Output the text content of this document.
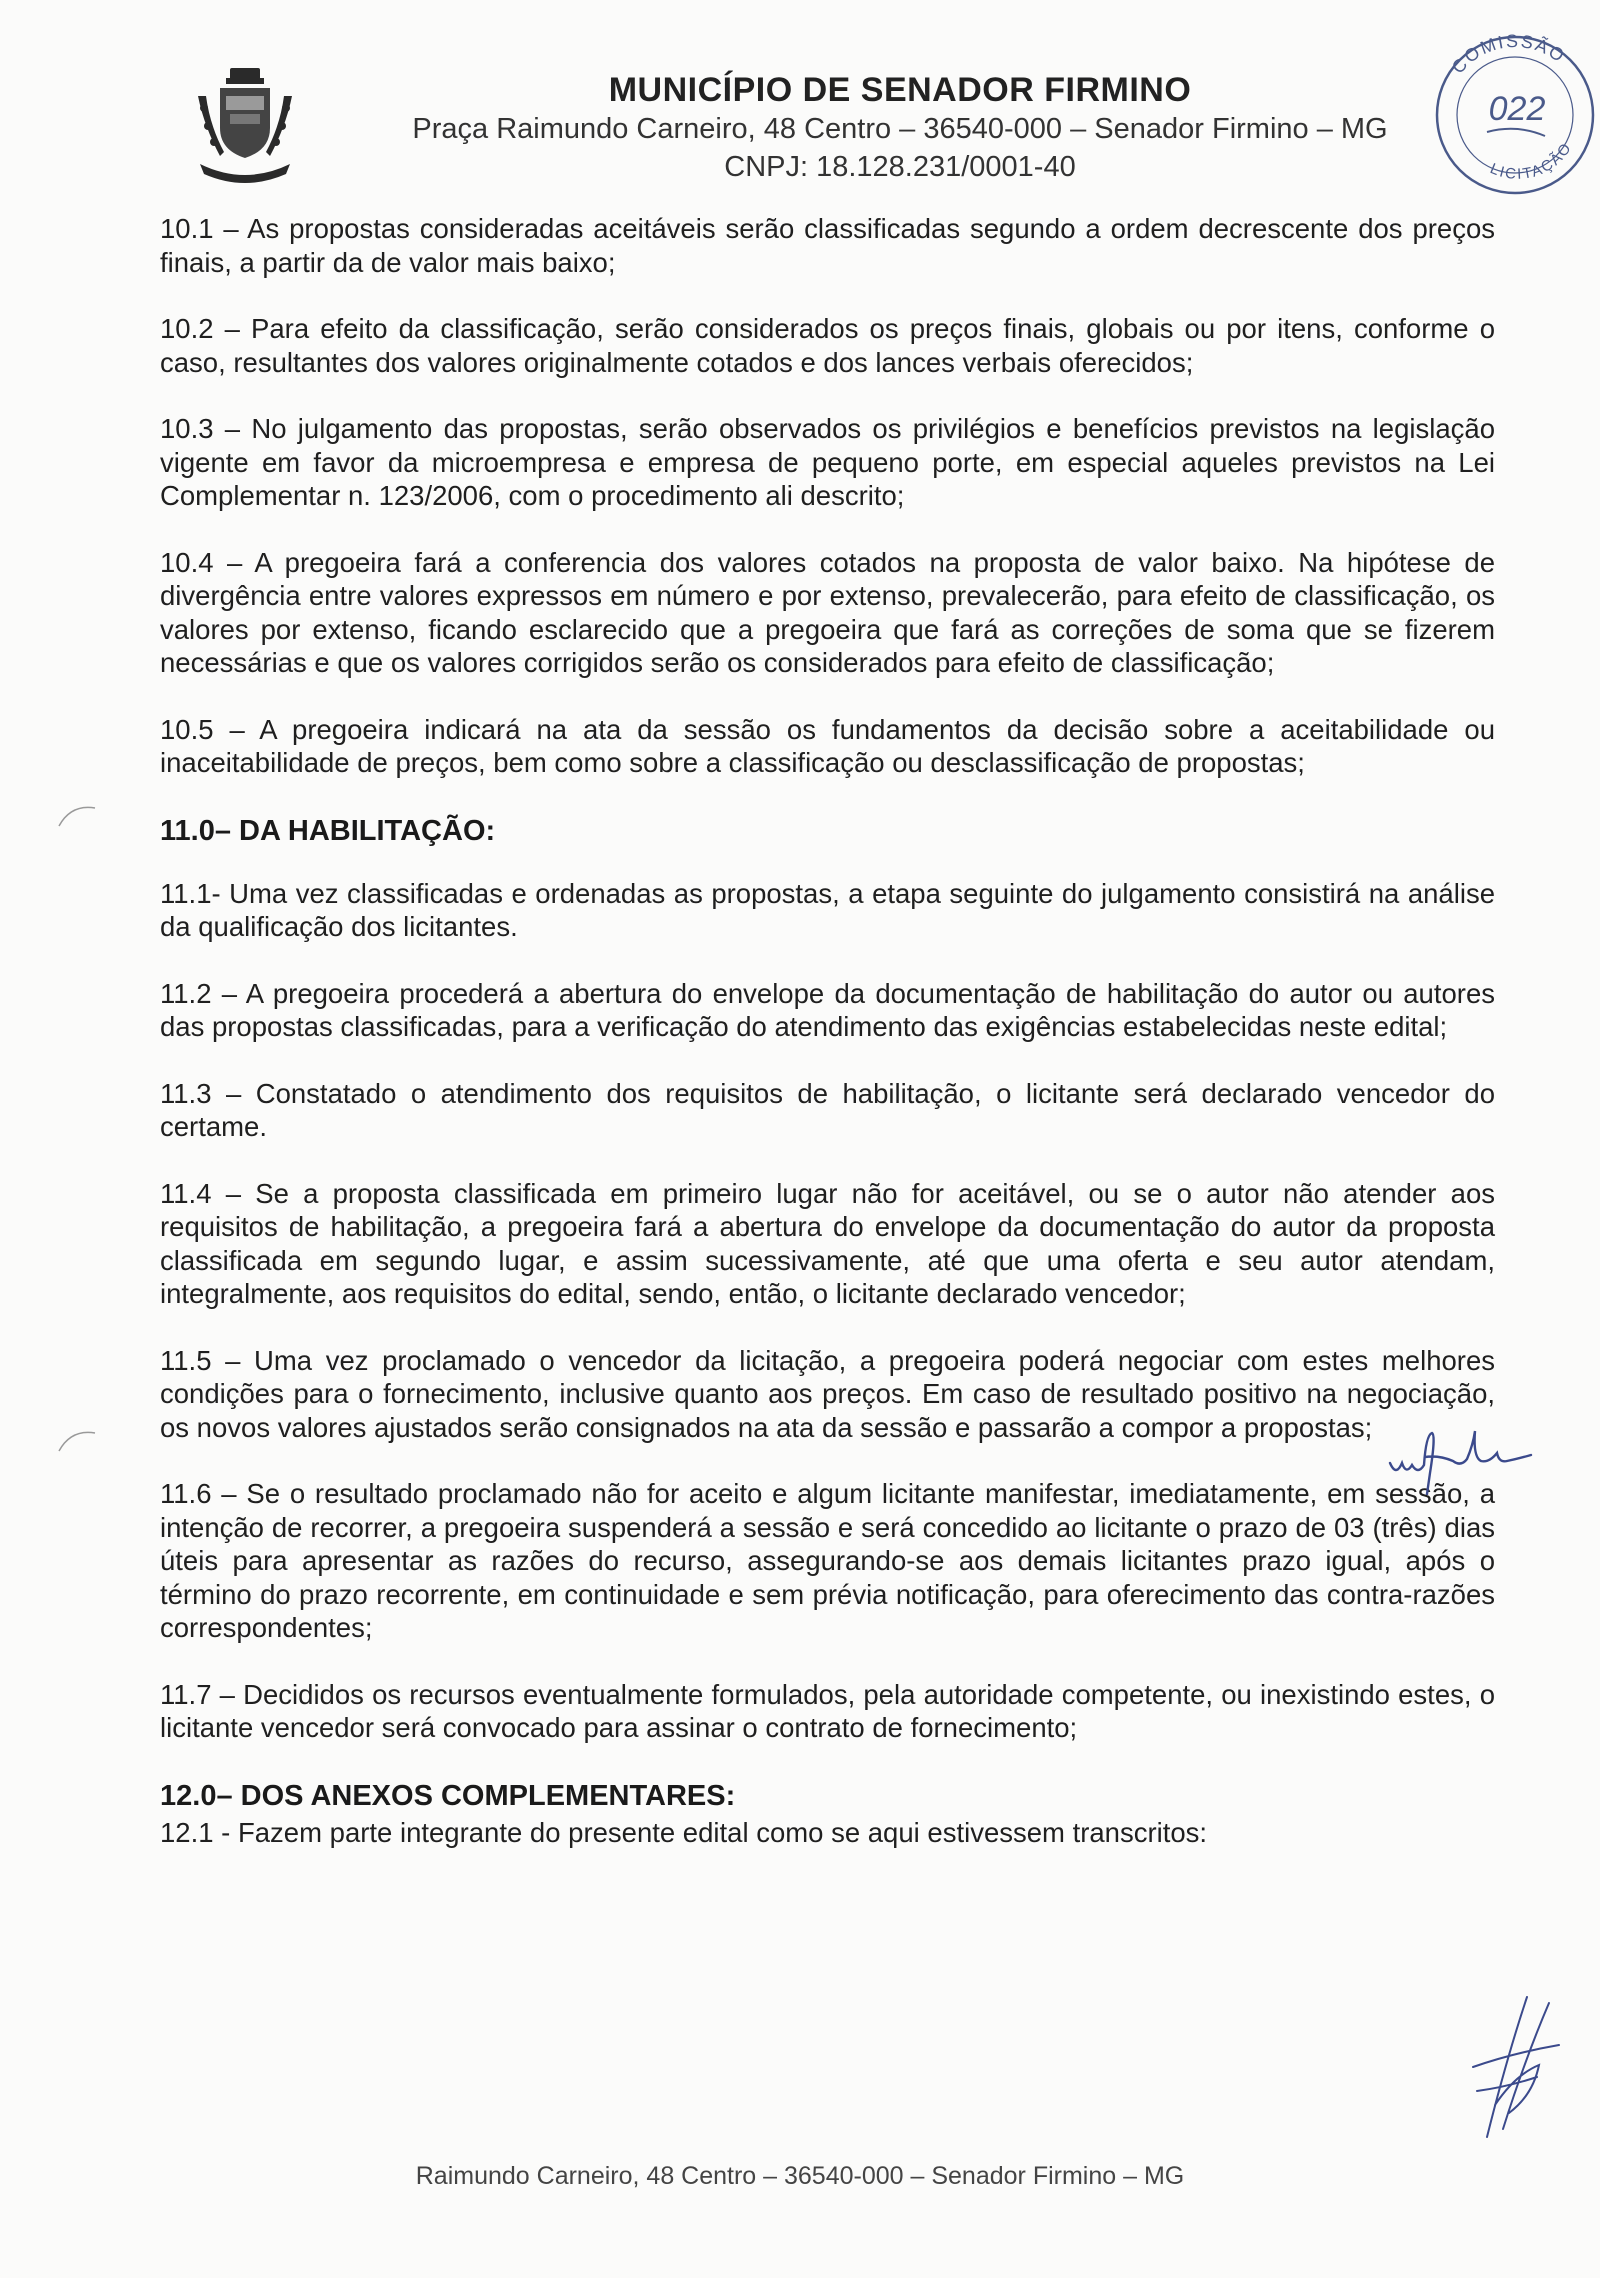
MUNICÍPIO DE SENADOR FIRMINO
Praça Raimundo Carneiro, 48 Centro – 36540-000 – Senador Firmino – MG
CNPJ: 18.128.231/0001-40
COMISSÃO
022
LICITAÇÃO

10.1 – As propostas consideradas aceitáveis serão classificadas segundo a ordem decrescente dos preços finais, a partir da de valor mais baixo;

10.2 – Para efeito da classificação, serão considerados os preços finais, globais ou por itens, conforme o caso, resultantes dos valores originalmente cotados e dos lances verbais oferecidos;

10.3 – No julgamento das propostas, serão observados os privilégios e benefícios previstos na legislação vigente em favor da microempresa e empresa de pequeno porte, em especial aqueles previstos na Lei Complementar n. 123/2006, com o procedimento ali descrito;

10.4 – A pregoeira fará a conferencia dos valores cotados na proposta de valor baixo. Na hipótese de divergência entre valores expressos em número e por extenso, prevalecerão, para efeito de classificação, os valores por extenso, ficando esclarecido que a pregoeira que fará as correções de soma que se fizerem necessárias e que os valores corrigidos serão os considerados para efeito de classificação;

10.5 – A pregoeira indicará na ata da sessão os fundamentos da decisão sobre a aceitabilidade ou inaceitabilidade de preços, bem como sobre a classificação ou desclassificação de propostas;

11.0– DA HABILITAÇÃO:

11.1- Uma vez classificadas e ordenadas as propostas, a etapa seguinte do julgamento consistirá na análise da qualificação dos licitantes.

11.2 – A pregoeira procederá a abertura do envelope da documentação de habilitação do autor ou autores das propostas classificadas, para a verificação do atendimento das exigências estabelecidas neste edital;

11.3 – Constatado o atendimento dos requisitos de habilitação, o licitante será declarado vencedor do certame.

11.4 – Se a proposta classificada em primeiro lugar não for aceitável, ou se o autor não atender aos requisitos de habilitação, a pregoeira fará a abertura do envelope da documentação do autor da proposta classificada em segundo lugar, e assim sucessivamente, até que uma oferta e seu autor atendam, integralmente, aos requisitos do edital, sendo, então, o licitante declarado vencedor;

11.5 – Uma vez proclamado o vencedor da licitação, a pregoeira poderá negociar com estes melhores condições para o fornecimento, inclusive quanto aos preços. Em caso de resultado positivo na negociação, os novos valores ajustados serão consignados na ata da sessão e passarão a compor a propostas;

11.6 – Se o resultado proclamado não for aceito e algum licitante manifestar, imediatamente, em sessão, a intenção de recorrer, a pregoeira suspenderá a sessão e será concedido ao licitante o prazo de 03 (três) dias úteis para apresentar as razões do recurso, assegurando-se aos demais licitantes prazo igual, após o término do prazo recorrente, em continuidade e sem prévia notificação, para oferecimento das contra-razões correspondentes;

11.7 – Decididos os recursos eventualmente formulados, pela autoridade competente, ou inexistindo estes, o licitante vencedor será convocado para assinar o contrato de fornecimento;

12.0– DOS ANEXOS COMPLEMENTARES:

12.1 - Fazem parte integrante do presente edital como se aqui estivessem transcritos:

Raimundo Carneiro, 48 Centro – 36540-000 – Senador Firmino – MG
